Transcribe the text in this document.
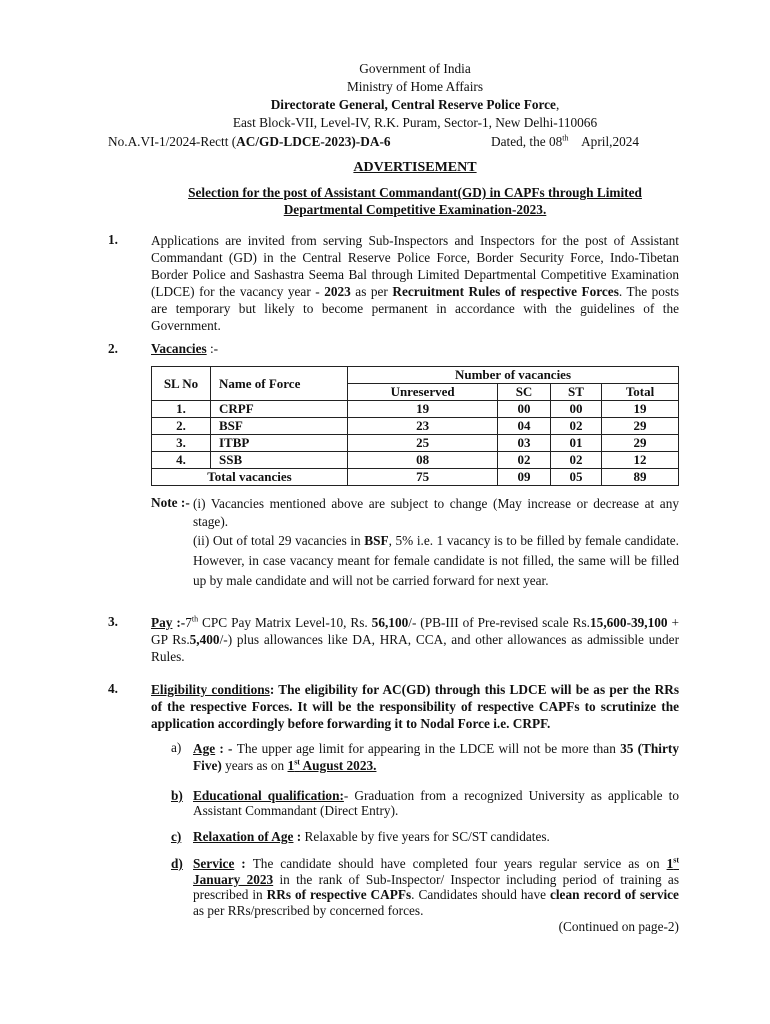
Government of India
Ministry of Home Affairs
Directorate General, Central Reserve Police Force,
East Block-VII, Level-IV, R.K. Puram, Sector-1, New Delhi-110066
No.A.VI-1/2024-Rectt (AC/GD-LDCE-2023)-DA-6	Dated, the 08th April,2024
ADVERTISEMENT
Selection for the post of Assistant Commandant(GD) in CAPFs through Limited
Departmental Competitive Examination-2023.
1. Applications are invited from serving Sub-Inspectors and Inspectors for the post of Assistant Commandant (GD) in the Central Reserve Police Force, Border Security Force, Indo-Tibetan Border Police and Sashastra Seema Bal through Limited Departmental Competitive Examination (LDCE) for the vacancy year - 2023 as per Recruitment Rules of respective Forces. The posts are temporary but likely to become permanent in accordance with the guidelines of the Government.
2. Vacancies :-
SL No	Name of Force	Number of vacancies			
		Unreserved	SC	ST	Total
1.	CRPF	19	00	00	19
2.	BSF	23	04	02	29
3.	ITBP	25	03	01	29
4.	SSB	08	02	02	12
Total vacancies		75	09	05	89
Note :- (i) Vacancies mentioned above are subject to change (May increase or decrease at any stage).

(ii) Out of total 29 vacancies in BSF, 5% i.e. 1 vacancy is to be filled by female candidate. However, in case vacancy meant for female candidate is not filled, the same will be filled up by male candidate and will not be carried forward for next year.

3. Pay :-7th CPC Pay Matrix Level-10, Rs. 56,100/- (PB-III of Pre-revised scale Rs.15,600-39,100 + GP Rs.5,400/-) plus allowances like DA, HRA, CCA, and other allowances as admissible under Rules.
4. Eligibility conditions: The eligibility for AC(GD) through this LDCE will be as per the RRs of the respective Forces. It will be the responsibility of respective CAPFs to scrutinize the application accordingly before forwarding it to Nodal Force i.e. CRPF.
a) Age : - The upper age limit for appearing in the LDCE will not be more than 35 (Thirty Five) years as on 1st August 2023.
b) Educational qualification:- Graduation from a recognized University as applicable to Assistant Commandant (Direct Entry).
c) Relaxation of Age : Relaxable by five years for SC/ST candidates.
d) Service : The candidate should have completed four years regular service as on 1st January 2023 in the rank of Sub-Inspector/ Inspector including period of training as prescribed in RRs of respective CAPFs. Candidates should have clean record of service as per RRs/prescribed by concerned forces.
(Continued on page-2)
